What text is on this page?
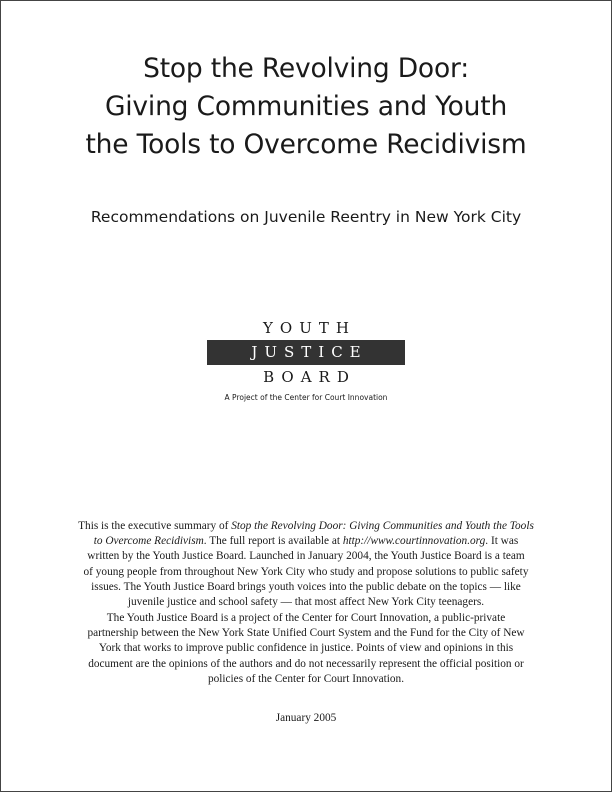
Stop the Revolving Door:
Giving Communities and Youth
the Tools to Overcome Recidivism
Recommendations on Juvenile Reentry in New York City
YOUTH
JUSTICE
BOARD
A Project of the Center for Court Innovation
This is the executive summary of Stop the Revolving Door: Giving Communities and Youth the Tools
to Overcome Recidivism. The full report is available at http://www.courtinnovation.org. It was
written by the Youth Justice Board. Launched in January 2004, the Youth Justice Board is a team
of young people from throughout New York City who study and propose solutions to public safety
issues. The Youth Justice Board brings youth voices into the public debate on the topics — like
juvenile justice and school safety — that most affect New York City teenagers.
The Youth Justice Board is a project of the Center for Court Innovation, a public-private
partnership between the New York State Unified Court System and the Fund for the City of New
York that works to improve public confidence in justice. Points of view and opinions in this
document are the opinions of the authors and do not necessarily represent the official position or
policies of the Center for Court Innovation.
January 2005
